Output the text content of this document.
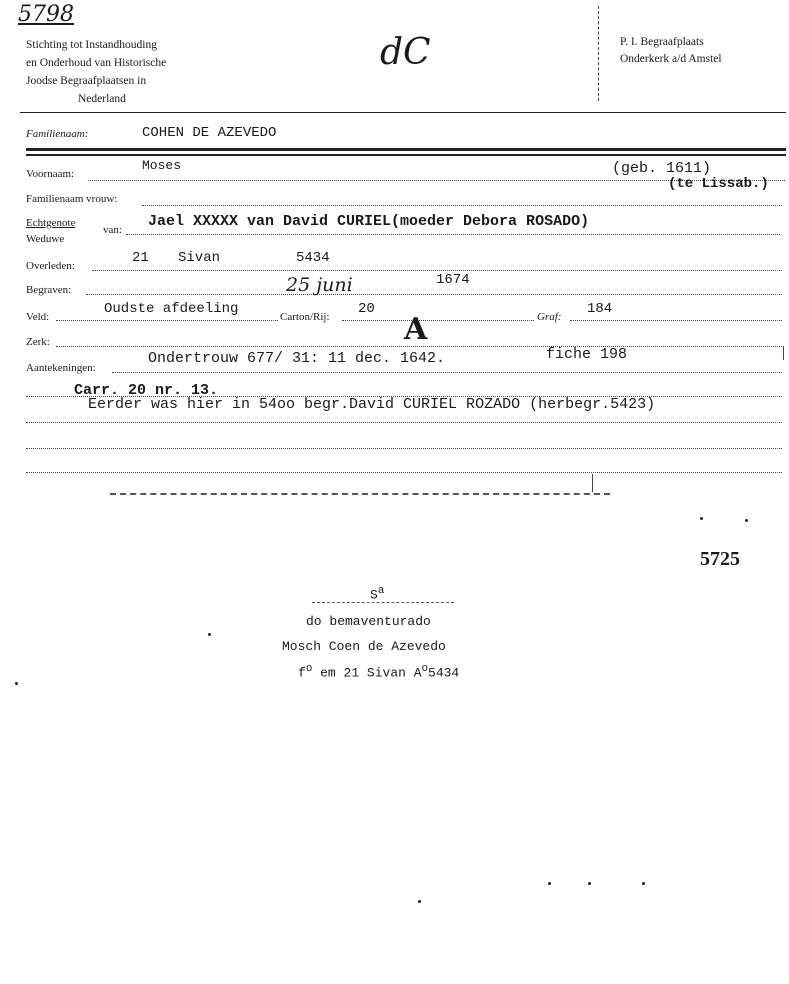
5798
Stichting tot Instandhouding
en Onderhoud van Historische
Joodse Begraafplaatsen in
Nederland
dC	P. I. Begraafplaats
Onderkerk a/d Amstel
Familienaam:	COHEN DE AZEVEDO
Voornaam:
Moses	(geb. 1611)
(te Lissab.)
Familienaam vrouw:
Echtgenote
Weduwe
van: Jael XXXXX van David CURIEL(moeder Debora ROSADO)
Overleden:	21 Sivan	5434
Begraven:	25 juni	1674
Veld:	Oudste afdeeling	Carton/Rij: 20	Graf: 184
Zerk:	A
Aantekeningen:
Ondertrouw 677/ 31: 11 dec. 1642.	fiche 198
Carr. 20 nr. 13.
Eerder was hier in 54oo begr.David CURIEL ROZADO (herbegr.5423)
5725
$S^a$
do bemaventurado
Mosch Coen de Azevedo
$f^o$ em 21 Sivan $A^o5434$
